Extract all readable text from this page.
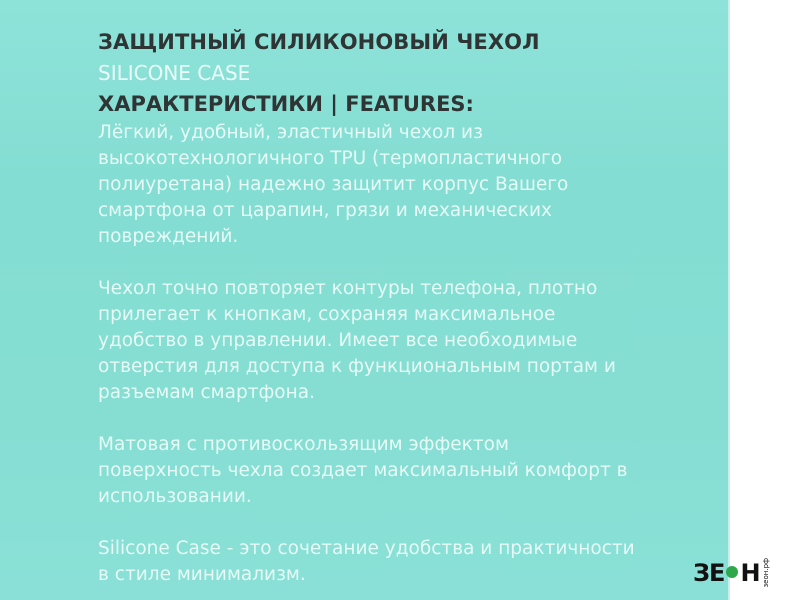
ЗАЩИТНЫЙ СИЛИКОНОВЫЙ ЧЕХОЛ
SILICONE CASE
ХАРАКТЕРИСТИКИ | FEATURES:
Лёгкий, удобный, эластичный чехол из
высокотехнологичного TPU (термопластичного
полиуретана) надежно защитит корпус Вашего
смартфона от царапин, грязи и механических
повреждений.
Чехол точно повторяет контуры телефона, плотно
прилегает к кнопкам, сохраняя максимальное
удобство в управлении. Имеет все необходимые
отверстия для доступа к функциональным портам и
разъемам смартфона.
Матовая с противоскользящим эффектом
поверхность чехла создает максимальный комфорт в
использовании.
Silicone Case - это сочетание удобства и практичности
в стиле минимализм.	ЗЕ Н зеон.рф
